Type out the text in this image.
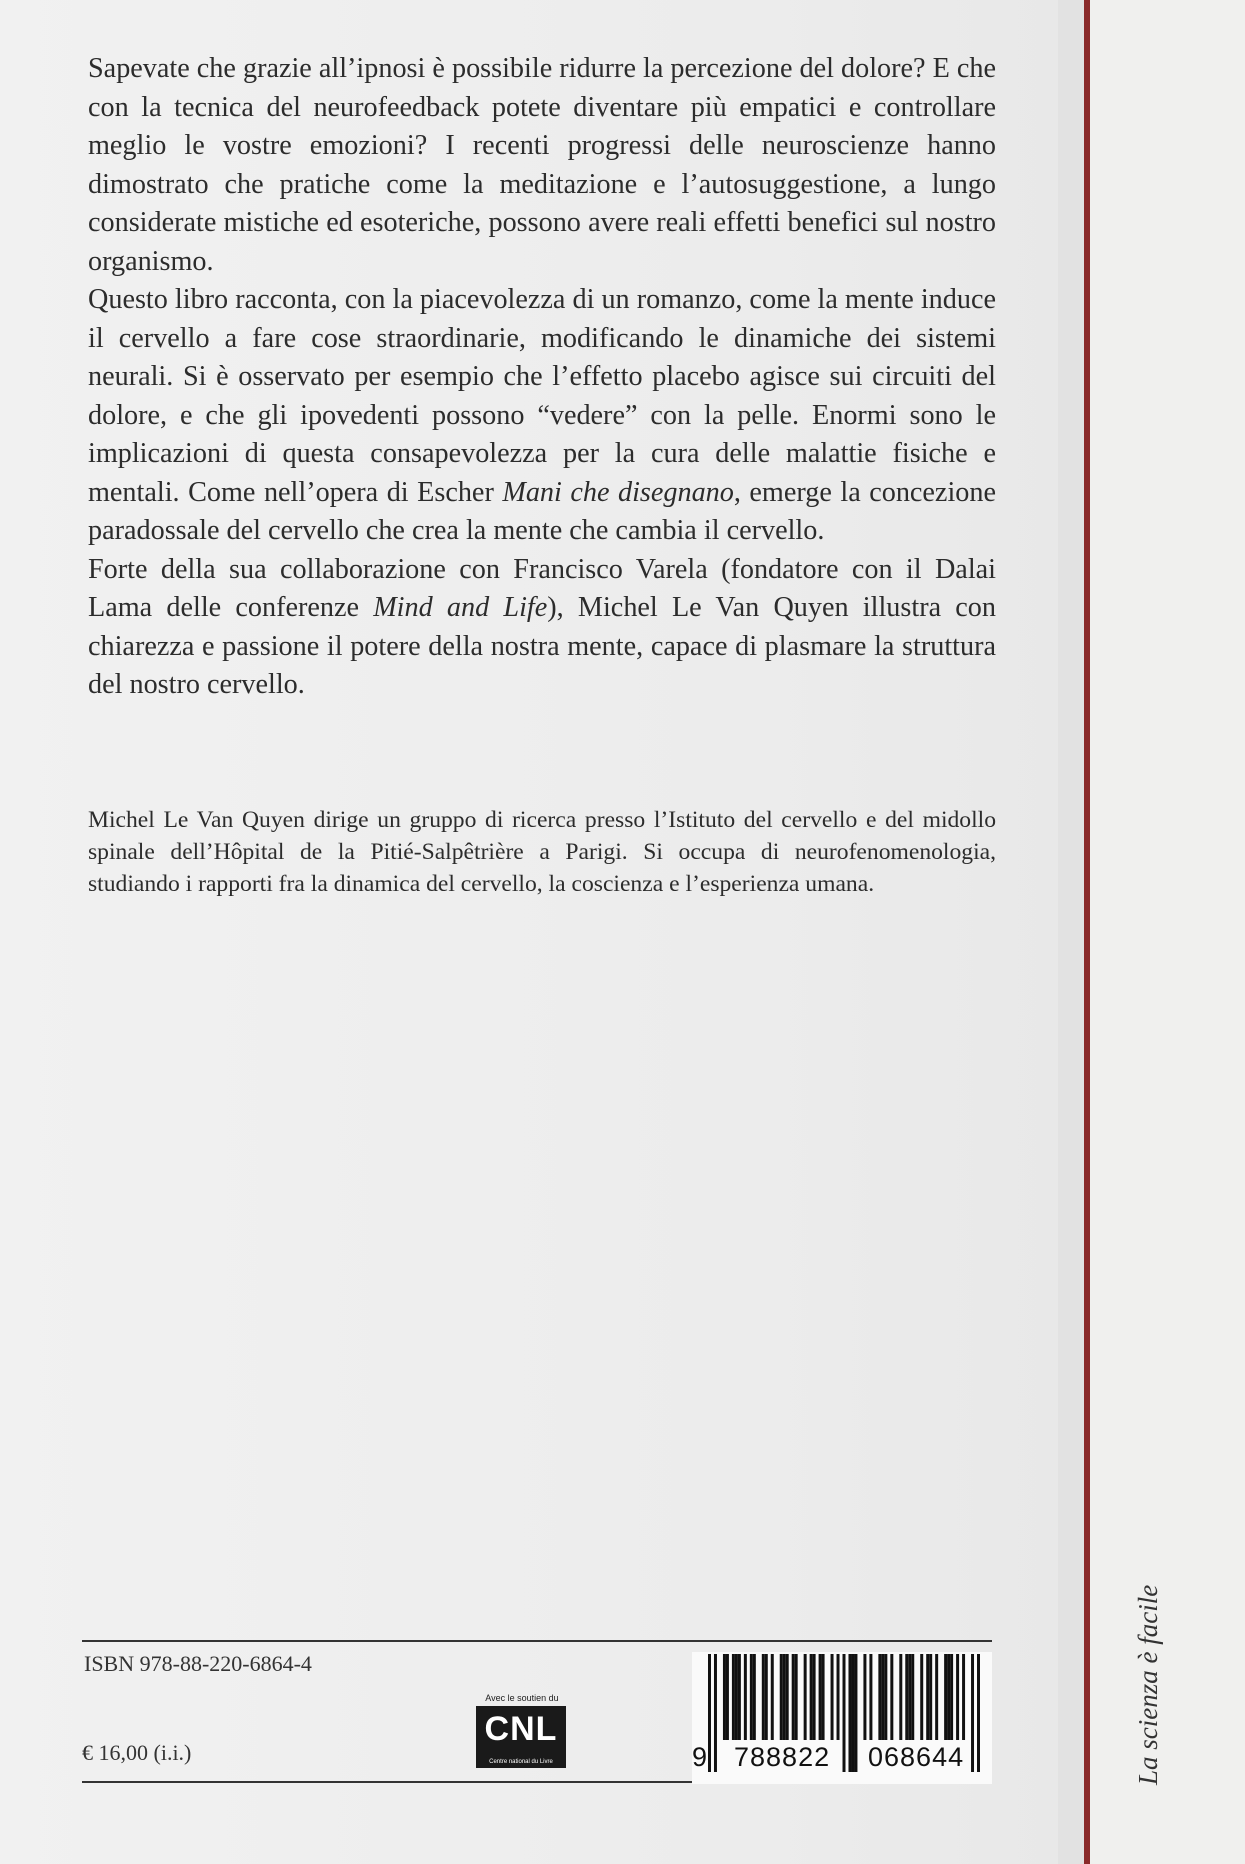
La scienza è facile

Sapevate che grazie all’ipnosi è possibile ridurre la percezione del dolore? E che con la tecnica del neurofeedback potete diventare più empatici e controllare meglio le vostre emozioni? I recenti progressi delle neuroscienze hanno dimostrato che pratiche come la meditazione e l’autosuggestione, a lungo considerate mistiche ed esoteriche, possono avere reali effetti benefici sul nostro organismo.

Questo libro racconta, con la piacevolezza di un romanzo, come la mente induce il cervello a fare cose straordinarie, modificando le dinamiche dei sistemi neurali. Si è osservato per esempio che l’effetto placebo agisce sui circuiti del dolore, e che gli ipovedenti possono “vedere” con la pelle. Enormi sono le implicazioni di questa consapevolezza per la cura delle malattie fisiche e mentali. Come nell’opera di Escher Mani che disegnano, emerge la concezione paradossale del cervello che crea la mente che cambia il cervello.

Forte della sua collaborazione con Francisco Varela (fondatore con il Dalai Lama delle conferenze Mind and Life), Michel Le Van Quyen illustra con chiarezza e passione il potere della nostra mente, capace di plasmare la struttura del nostro cervello.

Michel Le Van Quyen dirige un gruppo di ricerca presso l’Istituto del cervello e del midollo spinale dell’Hôpital de la Pitié-Salpêtrière a Parigi. Si occupa di neurofenomenologia, studiando i rapporti fra la dinamica del cervello, la coscienza e l’esperienza umana.

ISBN 978-88-220-6864-4
€ 16,00 (i.i.)
Avec le soutien du
CNL
Centre national du Livre	9 788822 068644
